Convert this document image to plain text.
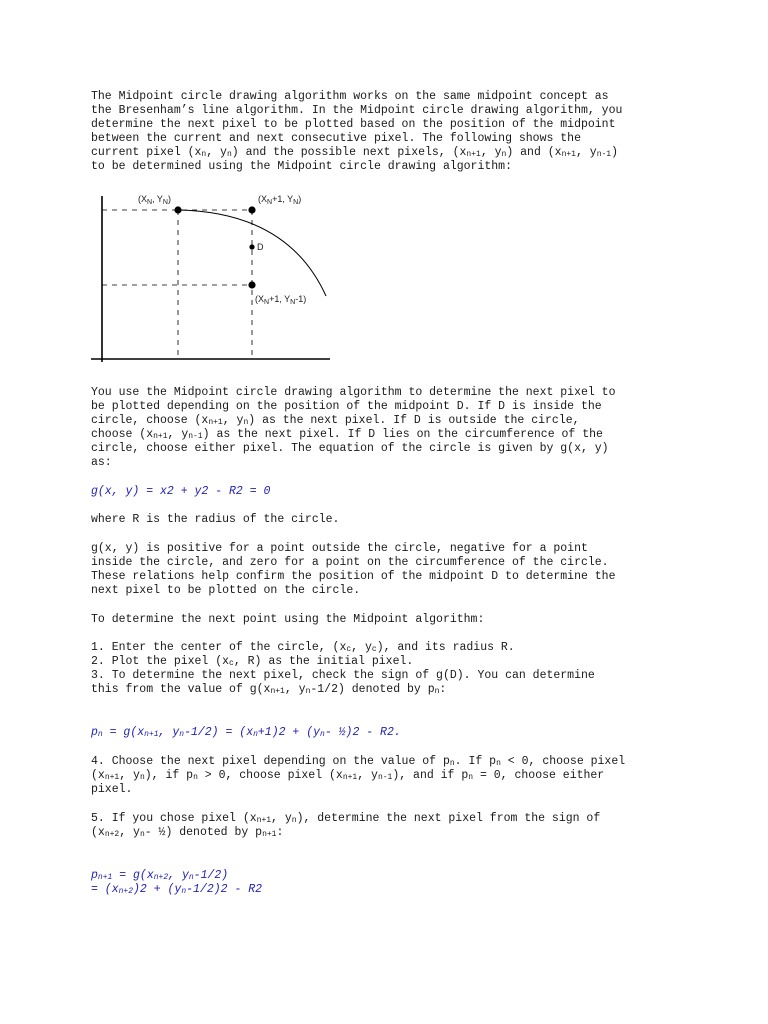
The Midpoint circle drawing algorithm works on the same midpoint concept as
the Bresenham’s line algorithm. In the Midpoint circle drawing algorithm, you
determine the next pixel to be plotted based on the position of the midpoint
between the current and next consecutive pixel. The following shows the
current pixel ($x_n$, $y_n$) and the possible next pixels, ($x_{n+1}$, $y_n$) and ($x_{n+1}$, $y_{n-1}$)
to be determined using the Midpoint circle drawing algorithm:
($X_N$, $Y_N$)	($X_N+1$, $Y_N$)
D
($X_N+1$, $Y_N-1$)
You use the Midpoint circle drawing algorithm to determine the next pixel to
be plotted depending on the position of the midpoint D. If D is inside the
circle, choose ($x_{n+1}$, $y_n$) as the next pixel. If D is outside the circle,
choose ($x_{n+1}$, $y_{n-1}$) as the next pixel. If D lies on the circumference of the
circle, choose either pixel. The equation of the circle is given by g(x, y)
as:
g(x, y) = x2 + y2 - R2 = 0
where R is the radius of the circle.
g(x, y) is positive for a point outside the circle, negative for a point
inside the circle, and zero for a point on the circumference of the circle.
These relations help confirm the position of the midpoint D to determine the
next pixel to be plotted on the circle.
To determine the next point using the Midpoint algorithm:
1. Enter the center of the circle, ($x_c$, $y_c$), and its radius R.
2. Plot the pixel ($x_c$, R) as the initial pixel.
3. To determine the next pixel, check the sign of g(D). You can determine
this from the value of $g(x_{n+1}$, $y_n-1/2$) denoted by $p_n$:
$p_n = g(x_{n+1}$, $y_n-1/2) = (x_n+1)2 + (y_n-$ ½)2 - R2.
4. Choose the next pixel depending on the value of $p_n$. If $p_n < 0$, choose pixel
($x_{n+1}$, $y_n$), if $p_n > 0$, choose pixel ($x_{n+1}$, $y_{n-1}$), and if $p_n = 0$, choose either
pixel.
5. If you chose pixel ($x_{n+1}$, $y_n$), determine the next pixel from the sign of
($x_{n+2}$, $y_n-$ ½) denoted by $p_{n+1}$:
$p_{n+1} = g(x_{n+2}$, $y_n-1/2$)
= $(x_{n+2})2 + (y_n-1/2)2 - R2$
